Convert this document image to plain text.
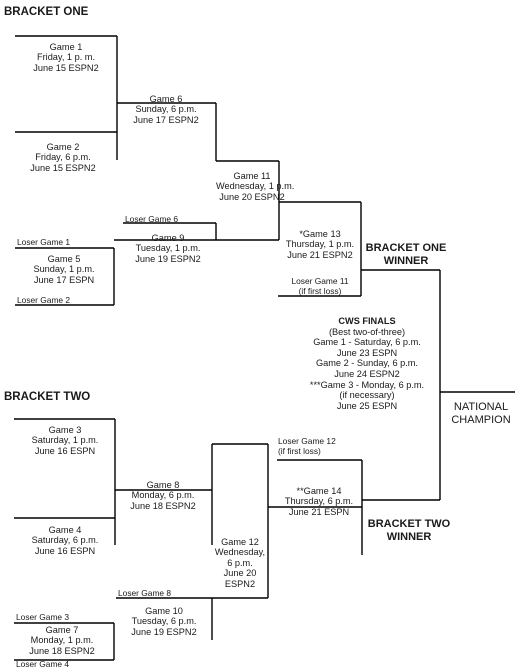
BRACKET ONE
BRACKET TWO
Game 1
Friday, 1 p. m.
June 15 ESPN2
Game 2
Friday, 6 p.m.
June 15 ESPN2
Game 6
Sunday, 6 p.m.
June 17 ESPN2
Game 11
Wednesday, 1 p.m.
June 20 ESPN2
Game 9
Tuesday, 1 p.m.
June 19 ESPN2
Game 5
Sunday, 1 p.m.
June 17 ESPN
*Game 13
Thursday, 1 p.m.
June 21 ESPN2
Loser Game 6
Loser Game 1
Loser Game 2
Loser Game 11
(if first loss)
BRACKET ONE
WINNER
BRACKET TWO
WINNER
CWS FINALS
(Best two-of-three)
Game 1 - Saturday, 6 p.m.
June 23 ESPN
Game 2 - Sunday, 6 p.m.
June 24 ESPN2
***Game 3 - Monday, 6 p.m.
(if necessary)
June 25 ESPN	NATIONAL
CHAMPION
Game 3
Saturday, 1 p.m.
June 16 ESPN
Game 4
Saturday, 6 p.m.
June 16 ESPN
Game 8
Monday, 6 p.m.
June 18 ESPN2
Game 12
Wednesday,
6 p.m.
June 20
ESPN2
**Game 14
Thursday, 6 p.m.
June 21 ESPN
Game 10
Tuesday, 6 p.m.
June 19 ESPN2
Game 7
Monday, 1 p.m.
June 18 ESPN2
Loser Game 12
(if first loss)
Loser Game 8
Loser Game 3
Loser Game 4
